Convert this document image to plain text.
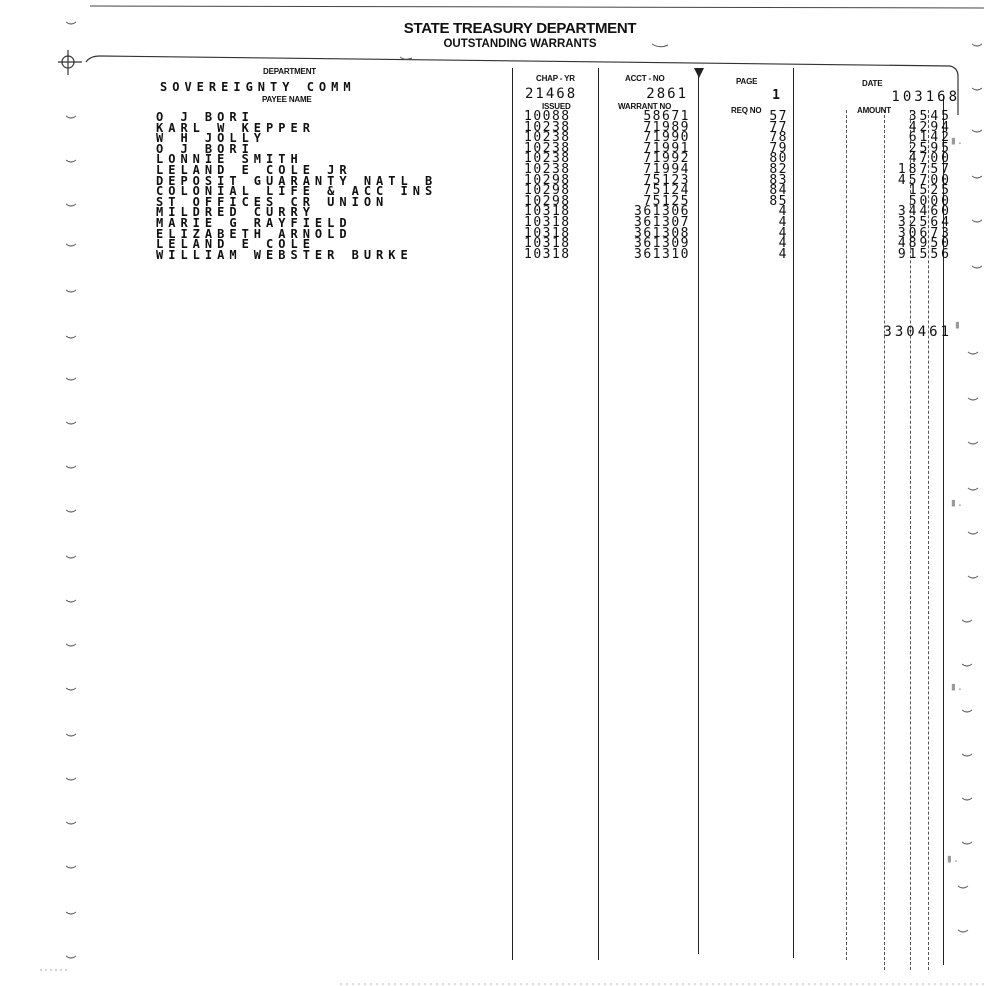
STATE TREASURY DEPARTMENT
OUTSTANDING WARRANTS
DEPARTMENT
PAYEE NAME
CHAP - YR
ISSUED
ACCT - NO
WARRANT NO
PAGE
REQ NO
DATE
AMOUNT
SOVEREIGNTY COMM	21468	2861	1	103168
O J BORI	10088	58671	57	3545
KARL W KEPPER	10238	71989	77	4294
W H JOLLY	10238	71990	78	6142
O J BORI	10238	71991	79	2595
LONNIE SMITH	10238	71992	80	4700
LELAND E COLE JR	10238	71994	82	18757
DEPOSIT GUARANTY NATL B	10298	75123	83	45700
COLONIAL LIFE & ACC INS	10298	75124	84	1525
ST OFFICES CR UNION	10298	75125	85	5000
MILDRED CURRY	10318	361306	4	34460
MARIE G RAYFIELD	10318	361307	4	32564
ELIZABETH ARNOLD	10318	361308	4	30673
LELAND E COLE	10318	361309	4	48950
WILLIAM WEBSTER BURKE	10318	361310	4	91556
330461
▮.
▮
▮.
▮.
▮.
